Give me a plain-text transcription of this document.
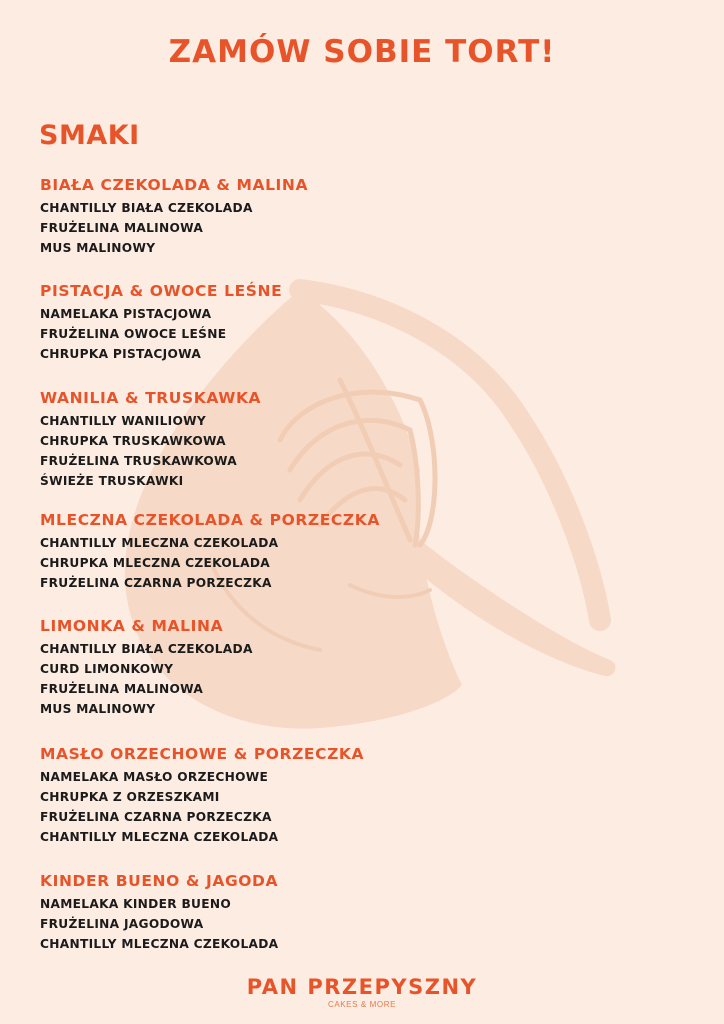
ZAMÓW SOBIE TORT!
SMAKI
BIAŁA CZEKOLADA & MALINA
CHANTILLY BIAŁA CZEKOLADA
FRUŻELINA MALINOWA
MUS MALINOWY
PISTACJA & OWOCE LEŚNE
NAMELAKA PISTACJOWA
FRUŻELINA OWOCE LEŚNE
CHRUPKA PISTACJOWA
WANILIA & TRUSKAWKA
CHANTILLY WANILIOWY
CHRUPKA TRUSKAWKOWA
FRUŻELINA TRUSKAWKOWA
ŚWIEŻE TRUSKAWKI
MLECZNA CZEKOLADA & PORZECZKA
CHANTILLY MLECZNA CZEKOLADA
CHRUPKA MLECZNA CZEKOLADA
FRUŻELINA CZARNA PORZECZKA
LIMONKA & MALINA
CHANTILLY BIAŁA CZEKOLADA
CURD LIMONKOWY
FRUŻELINA MALINOWA
MUS MALINOWY
MASŁO ORZECHOWE & PORZECZKA
NAMELAKA MASŁO ORZECHOWE
CHRUPKA Z ORZESZKAMI
FRUŻELINA CZARNA PORZECZKA
CHANTILLY MLECZNA CZEKOLADA
KINDER BUENO & JAGODA
NAMELAKA KINDER BUENO
FRUŻELINA JAGODOWA
CHANTILLY MLECZNA CZEKOLADA
PAN PRZEPYSZNY
CAKES & MORE
